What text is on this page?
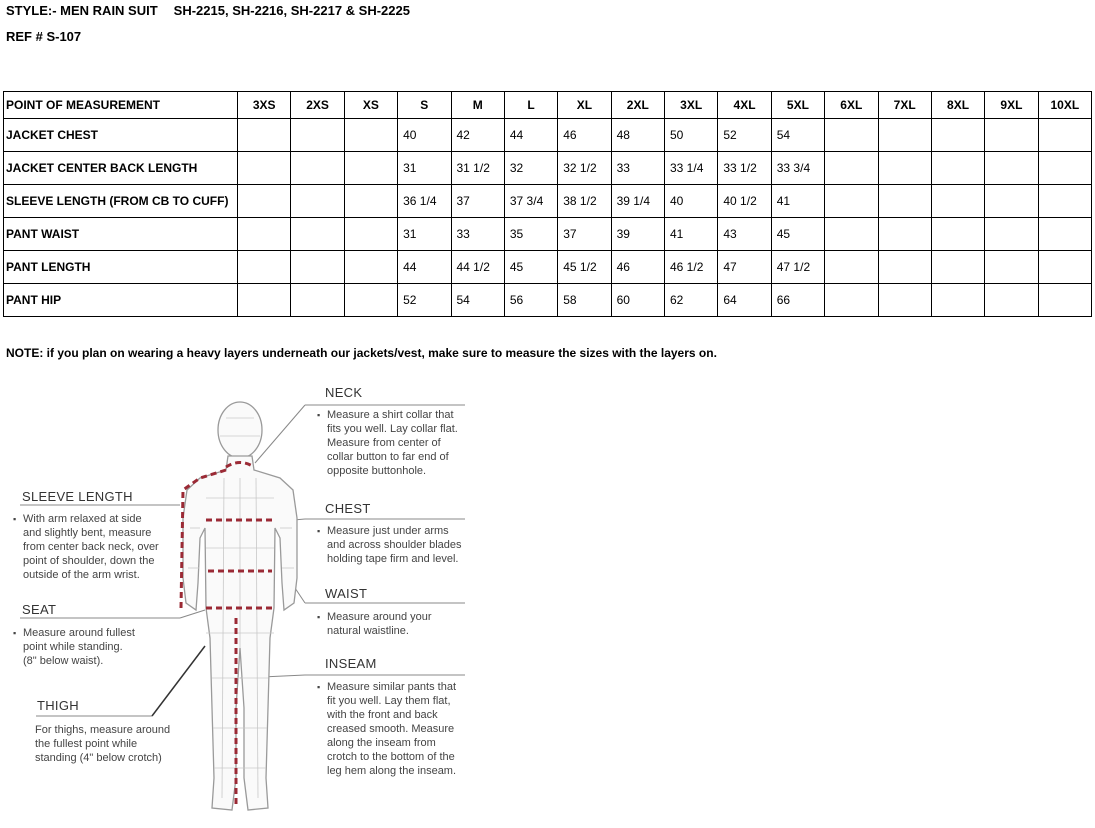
STYLE:- MEN RAIN SUIT SH-2215, SH-2216, SH-2217 & SH-2225
REF # S-107
POINT OF MEASUREMENT	3XS	2XS	XS	S	M	L	XL	2XL	3XL	4XL	5XL	6XL	7XL	8XL	9XL	10XL
JACKET CHEST				40	42	44	46	48	50	52	54					
JACKET CENTER BACK LENGTH				31	31 1/2	32	32 1/2	33	33 1/4	33 1/2	33 3/4					
SLEEVE LENGTH (FROM CB TO CUFF)				36 1/4	37	37 3/4	38 1/2	39 1/4	40	40 1/2	41					
PANT WAIST				31	33	35	37	39	41	43	45					
PANT LENGTH				44	44 1/2	45	45 1/2	46	46 1/2	47	47 1/2					
PANT HIP				52	54	56	58	60	62	64	66					
NOTE: if you plan on wearing a heavy layers underneath our jackets/vest, make sure to measure the sizes with the layers on.
NECK
▪ Measure a shirt collar that
fits you well. Lay collar flat.
Measure from center of
collar button to far end of
opposite buttonhole.
CHEST
▪ Measure just under arms
and across shoulder blades
holding tape firm and level.
WAIST
▪ Measure around your
natural waistline.
INSEAM
▪ Measure similar pants that
fit you well. Lay them flat,
with the front and back
creased smooth. Measure
along the inseam from
crotch to the bottom of the
leg hem along the inseam.
SLEEVE LENGTH
▪ With arm relaxed at side
and slightly bent, measure
from center back neck, over
point of shoulder, down the
outside of the arm wrist.
SEAT
▪ Measure around fullest
point while standing.
(8" below waist).
THIGH
For thighs, measure around
the fullest point while
standing (4" below crotch)
